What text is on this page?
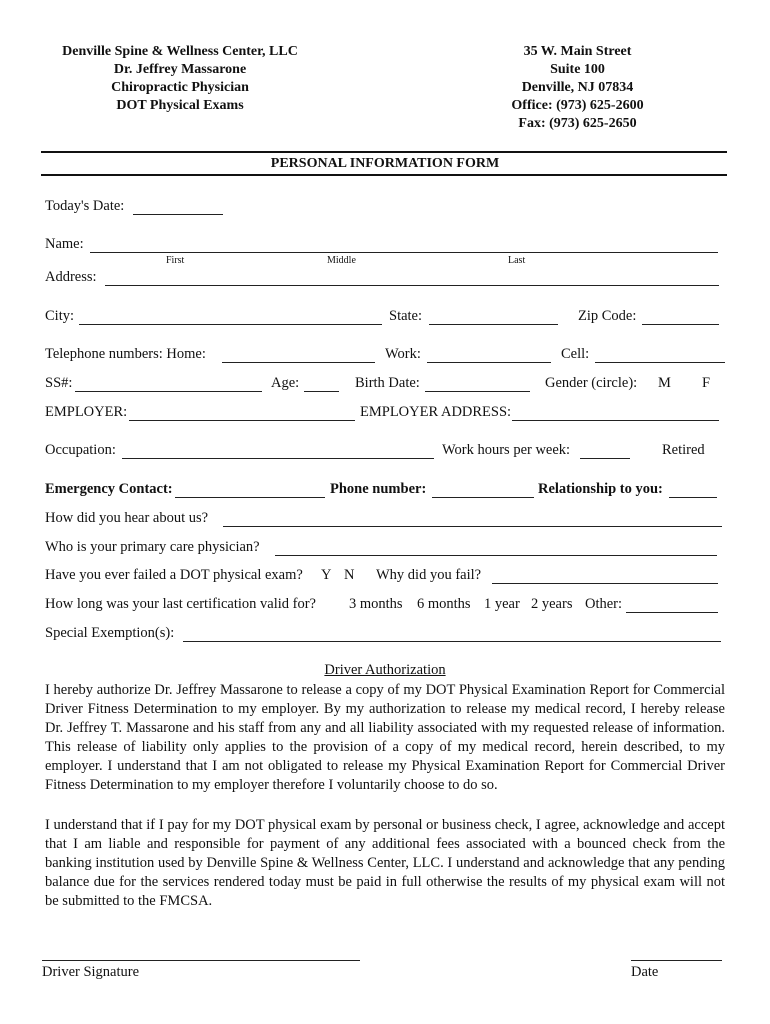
Denville Spine & Wellness Center, LLC
Dr. Jeffrey Massarone
Chiropractic Physician
DOT Physical Exams
35 W. Main Street
Suite 100
Denville, NJ 07834
Office: (973) 625-2600
Fax: (973) 625-2650
PERSONAL INFORMATION FORM
Today's Date:
Name:
First	Middle	Last
Address:
City:	State:	Zip Code:
Telephone numbers: Home:	Work:	Cell:
SS#:	Age:	Birth Date:	Gender (circle): M F
EMPLOYER:	EMPLOYER ADDRESS:
Occupation:	Work hours per week:	Retired
Emergency Contact:	Phone number:	Relationship to you:
How did you hear about us?
Who is your primary care physician?
Have you ever failed a DOT physical exam? Y N Why did you fail?
How long was your last certification valid for? 3 months 6 months 1 year 2 years Other:
Special Exemption(s):
Driver Authorization
I hereby authorize Dr. Jeffrey Massarone to release a copy of my DOT Physical Examination Report for Commercial Driver Fitness Determination to my employer. By my authorization to release my medical record, I hereby release Dr. Jeffrey T. Massarone and his staff from any and all liability associated with my requested release of information. This release of liability only applies to the provision of a copy of my medical record, herein described, to my employer. I understand that I am not obligated to release my Physical Examination Report for Commercial Driver Fitness Determination to my employer therefore I voluntarily choose to do so.
I understand that if I pay for my DOT physical exam by personal or business check, I agree, acknowledge and accept that I am liable and responsible for payment of any additional fees associated with a bounced check from the banking institution used by Denville Spine & Wellness Center, LLC. I understand and acknowledge that any pending balance due for the services rendered today must be paid in full otherwise the results of my physical exam will not be submitted to the FMCSA.
Driver Signature	Date
